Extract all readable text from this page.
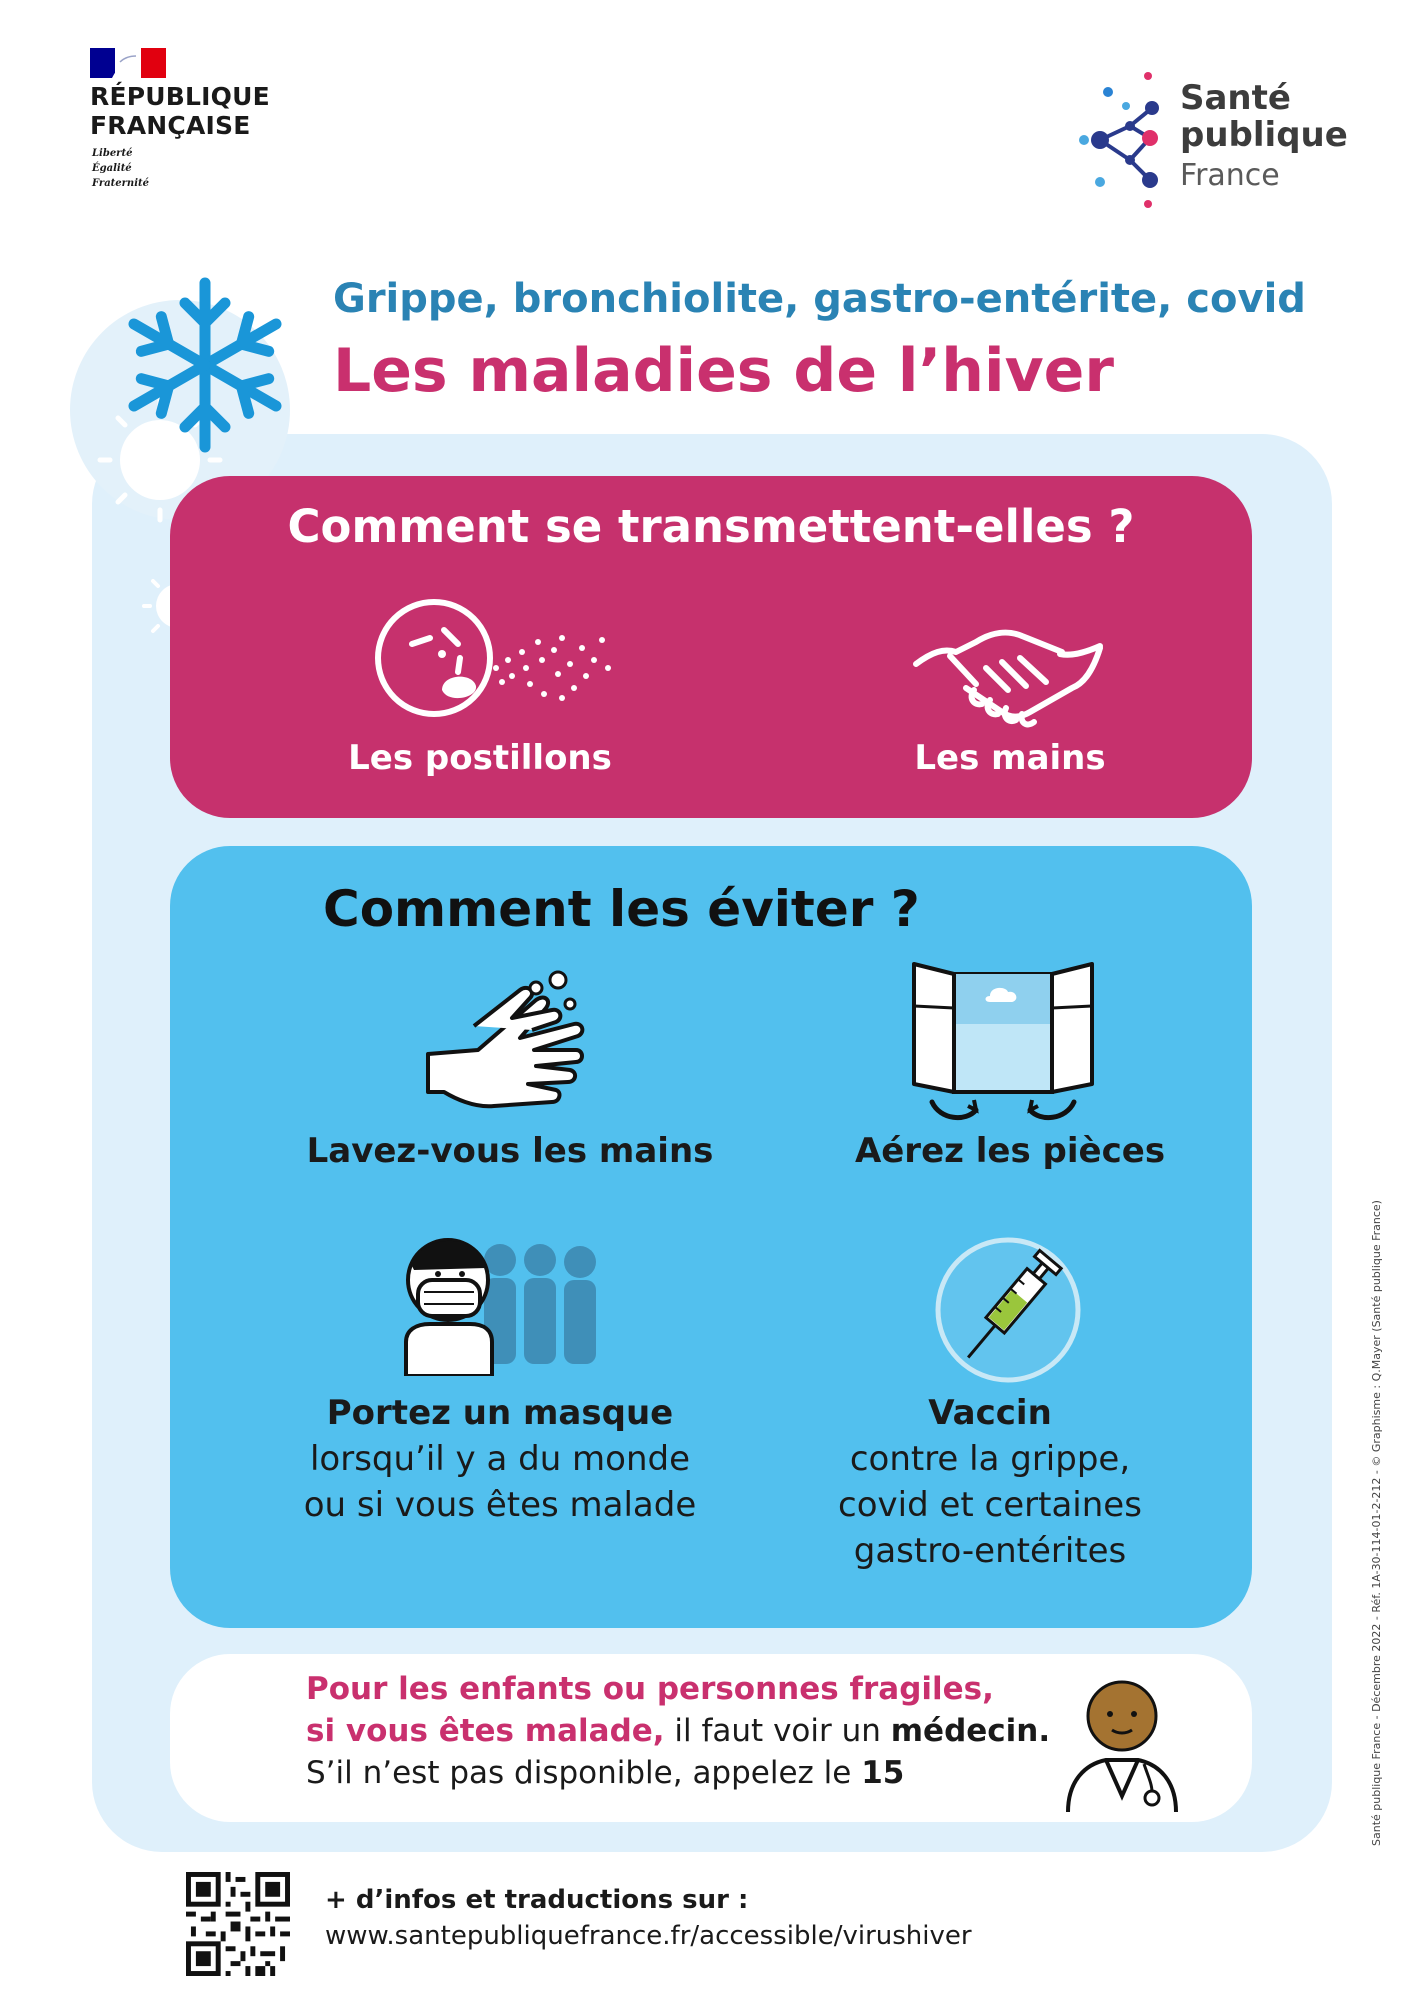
RÉPUBLIQUE
FRANÇAISE
Liberté
Égalité
Fraternité
Santé
publique
France
Grippe, bronchiolite, gastro-entérite, covid
Les maladies de l’hiver
Comment se transmettent-elles ?
Les postillons	Les mains
Comment les éviter ?
Lavez-vous les mains	Aérez les pièces
Portez un masque
lorsqu’il y a du monde
ou si vous êtes malade
Vaccin
contre la grippe,
covid et certaines
gastro-entérites
Pour les enfants ou personnes fragiles,
si vous êtes malade, il faut voir un médecin.
S’il n’est pas disponible, appelez le 15
+ d’infos et traductions sur :
www.santepubliquefrance.fr/accessible/virushiver
Santé publique France - Décembre 2022 - Réf. 1A-30-114-01-2-212 - © Graphisme : Q.Mayer (Santé publique France)
